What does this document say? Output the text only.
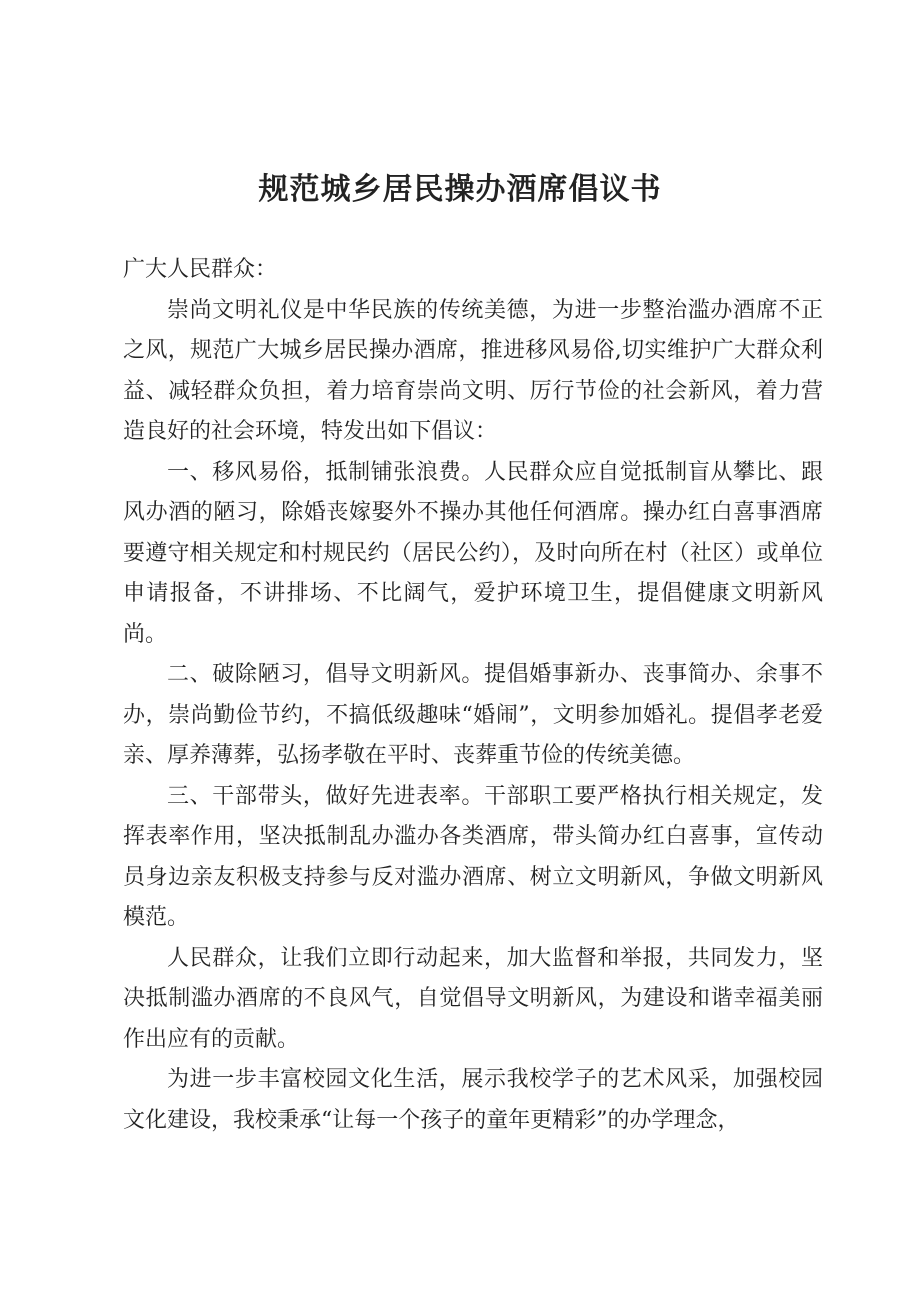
规范城乡居民操办酒席倡议书

广大人民群众：

崇尚文明礼仪是中华民族的传统美德，为进一步整治滥办酒席不正之风，规范广大城乡居民操办酒席，推进移风易俗,切实维护广大群众利益、减轻群众负担，着力培育崇尚文明、厉行节俭的社会新风，着力营造良好的社会环境，特发出如下倡议：

一、移风易俗，抵制铺张浪费。人民群众应自觉抵制盲从攀比、跟风办酒的陋习，除婚丧嫁娶外不操办其他任何酒席。操办红白喜事酒席要遵守相关规定和村规民约（居民公约），及时向所在村（社区）或单位申请报备，不讲排场、不比阔气，爱护环境卫生，提倡健康文明新风尚。

二、破除陋习，倡导文明新风。提倡婚事新办、丧事简办、余事不办，崇尚勤俭节约，不搞低级趣味“婚闹”，文明参加婚礼。提倡孝老爱亲、厚养薄葬，弘扬孝敬在平时、丧葬重节俭的传统美德。

三、干部带头，做好先进表率。干部职工要严格执行相关规定，发挥表率作用，坚决抵制乱办滥办各类酒席，带头简办红白喜事，宣传动员身边亲友积极支持参与反对滥办酒席、树立文明新风，争做文明新风模范。

人民群众，让我们立即行动起来，加大监督和举报，共同发力，坚决抵制滥办酒席的不良风气，自觉倡导文明新风，为建设和谐幸福美丽作出应有的贡献。

为进一步丰富校园文化生活，展示我校学子的艺术风采，加强校园文化建设，我校秉承“让每一个孩子的童年更精彩”的办学理念，
